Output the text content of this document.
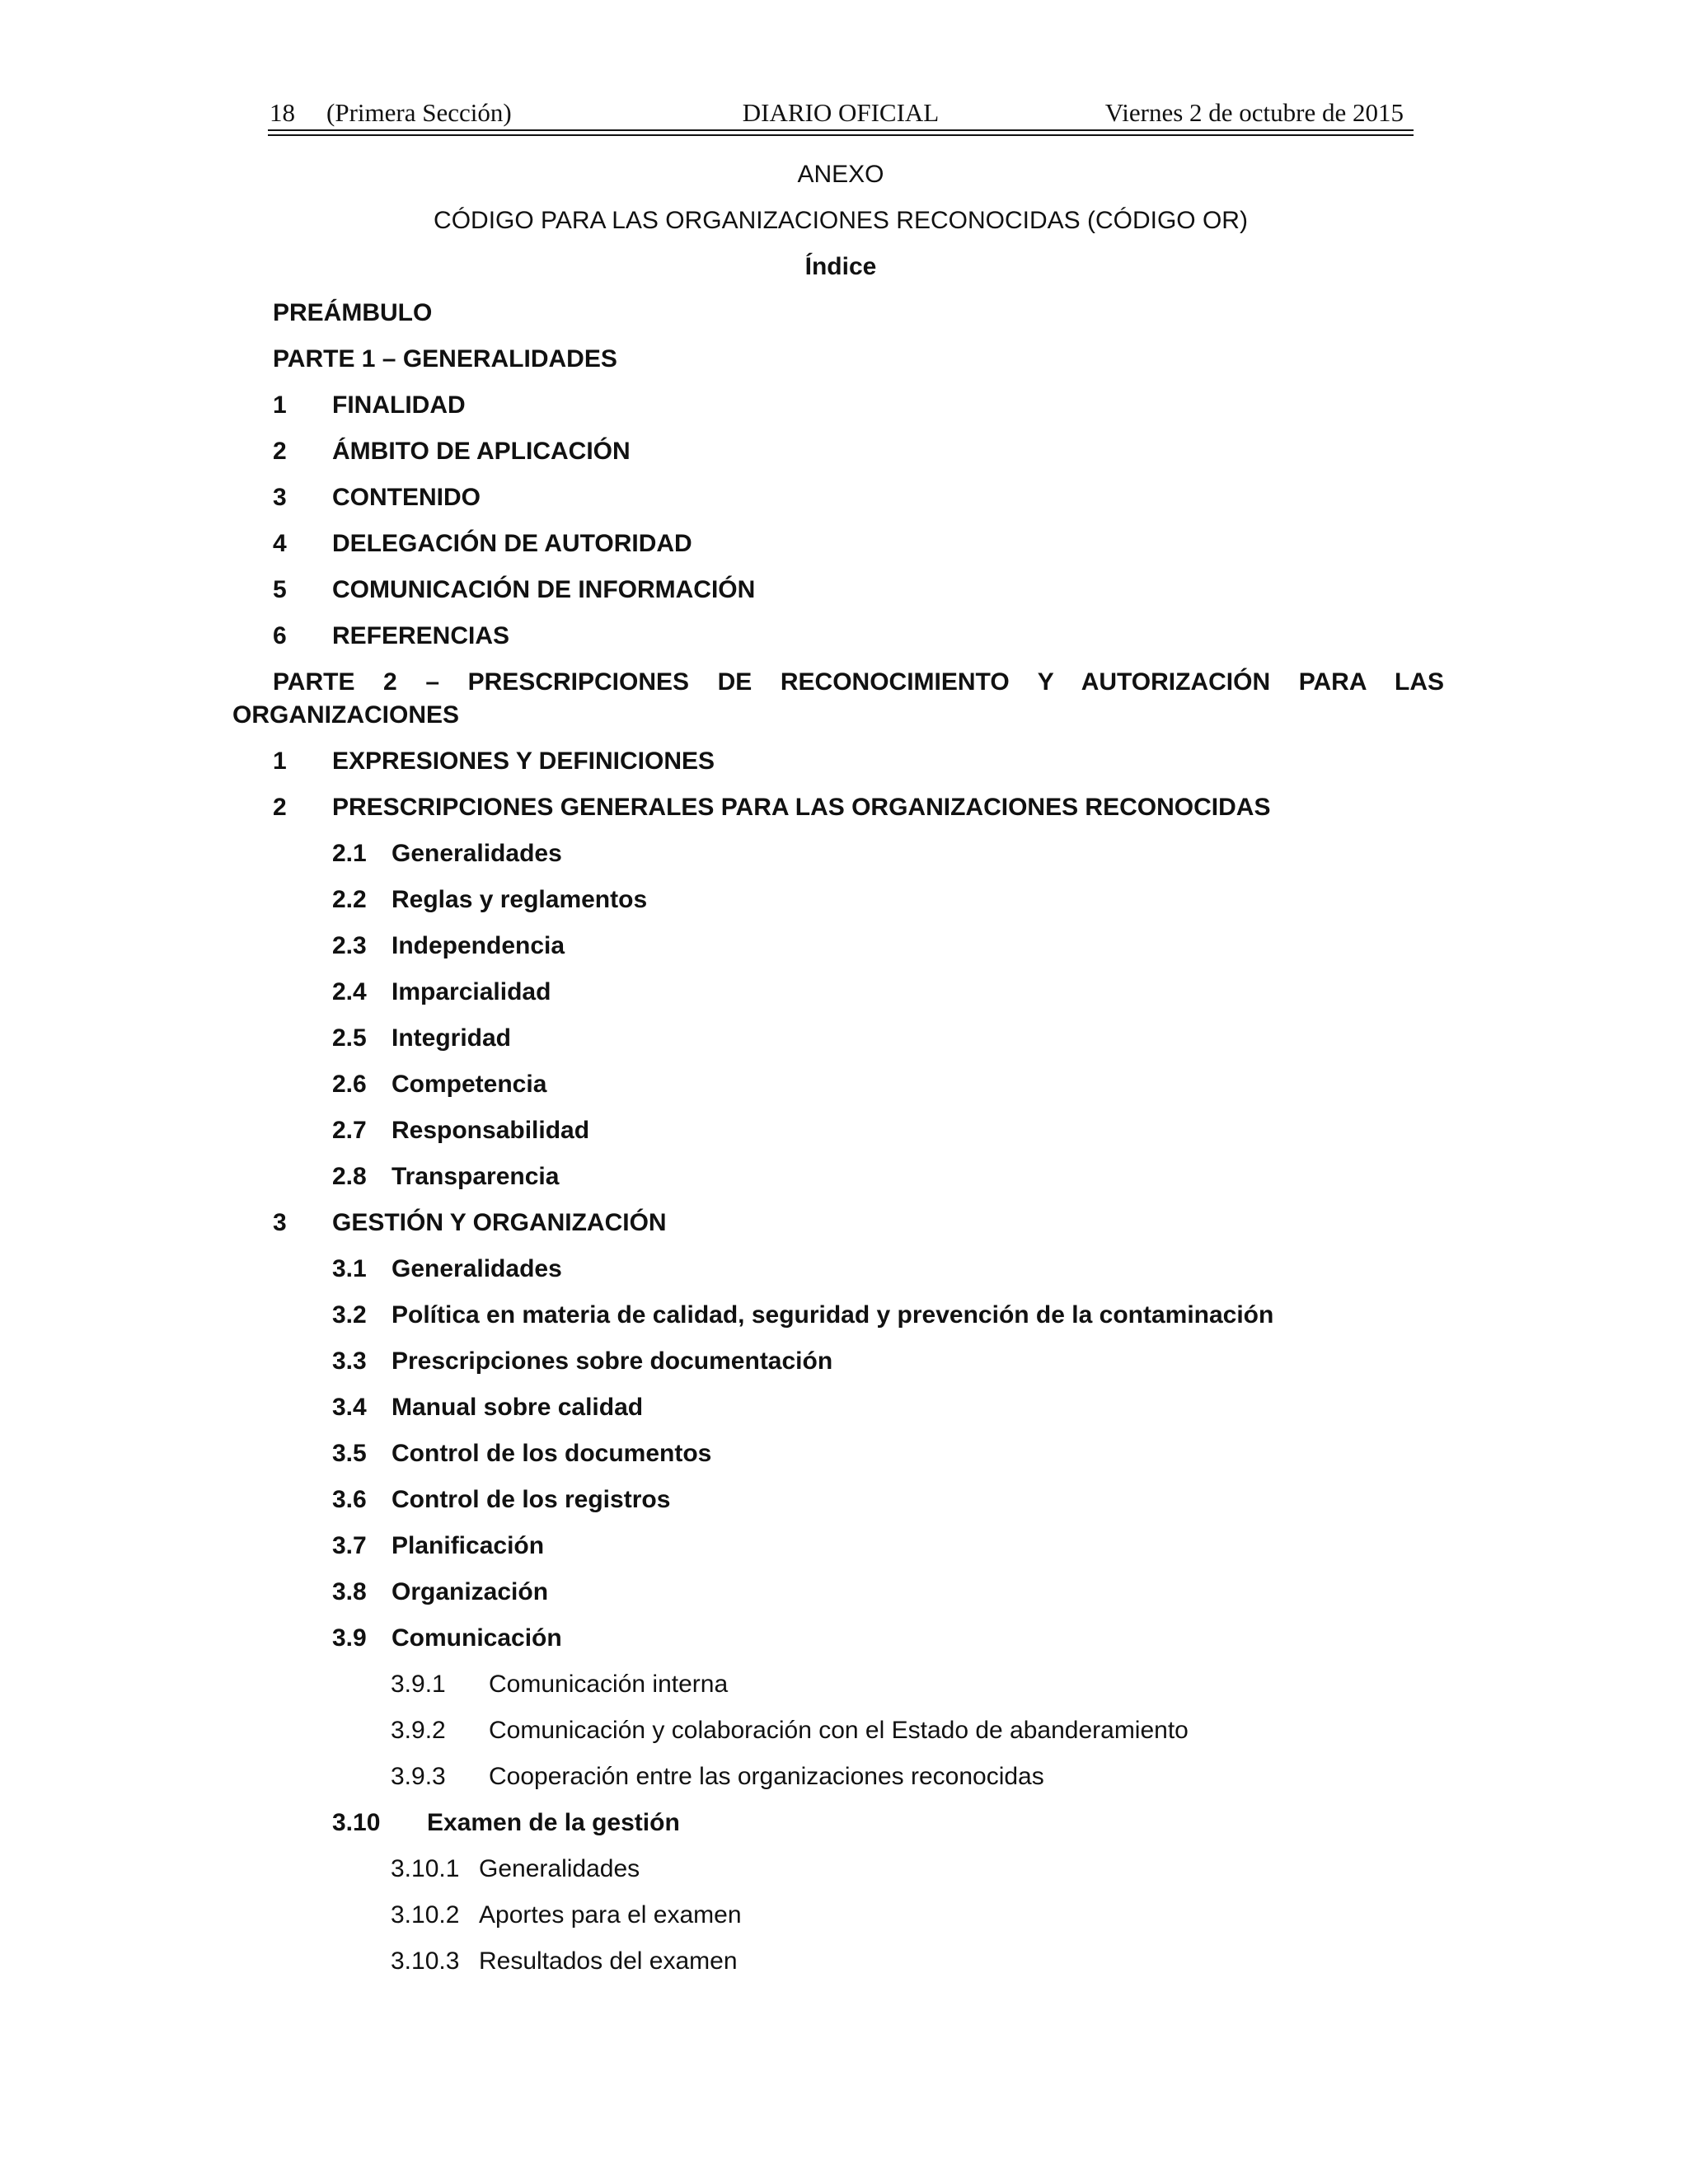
18 (Primera Sección)	DIARIO OFICIAL	Viernes 2 de octubre de 2015
ANEXO
CÓDIGO PARA LAS ORGANIZACIONES RECONOCIDAS (CÓDIGO OR)
Índice
PREÁMBULO
PARTE 1 – GENERALIDADES
1 FINALIDAD
2 ÁMBITO DE APLICACIÓN
3 CONTENIDO
4 DELEGACIÓN DE AUTORIDAD
5 COMUNICACIÓN DE INFORMACIÓN
6 REFERENCIAS
PARTE 2 – PRESCRIPCIONES DE RECONOCIMIENTO Y AUTORIZACIÓN PARA LAS
ORGANIZACIONES
1 EXPRESIONES Y DEFINICIONES
2 PRESCRIPCIONES GENERALES PARA LAS ORGANIZACIONES RECONOCIDAS
2.1 Generalidades
2.2 Reglas y reglamentos
2.3 Independencia
2.4 Imparcialidad
2.5 Integridad
2.6 Competencia
2.7 Responsabilidad
2.8 Transparencia
3 GESTIÓN Y ORGANIZACIÓN
3.1 Generalidades
3.2 Política en materia de calidad, seguridad y prevención de la contaminación
3.3 Prescripciones sobre documentación
3.4 Manual sobre calidad
3.5 Control de los documentos
3.6 Control de los registros
3.7 Planificación
3.8 Organización
3.9 Comunicación
3.9.1 Comunicación interna
3.9.2 Comunicación y colaboración con el Estado de abanderamiento
3.9.3 Cooperación entre las organizaciones reconocidas
3.10 Examen de la gestión
3.10.1 Generalidades
3.10.2 Aportes para el examen
3.10.3 Resultados del examen
